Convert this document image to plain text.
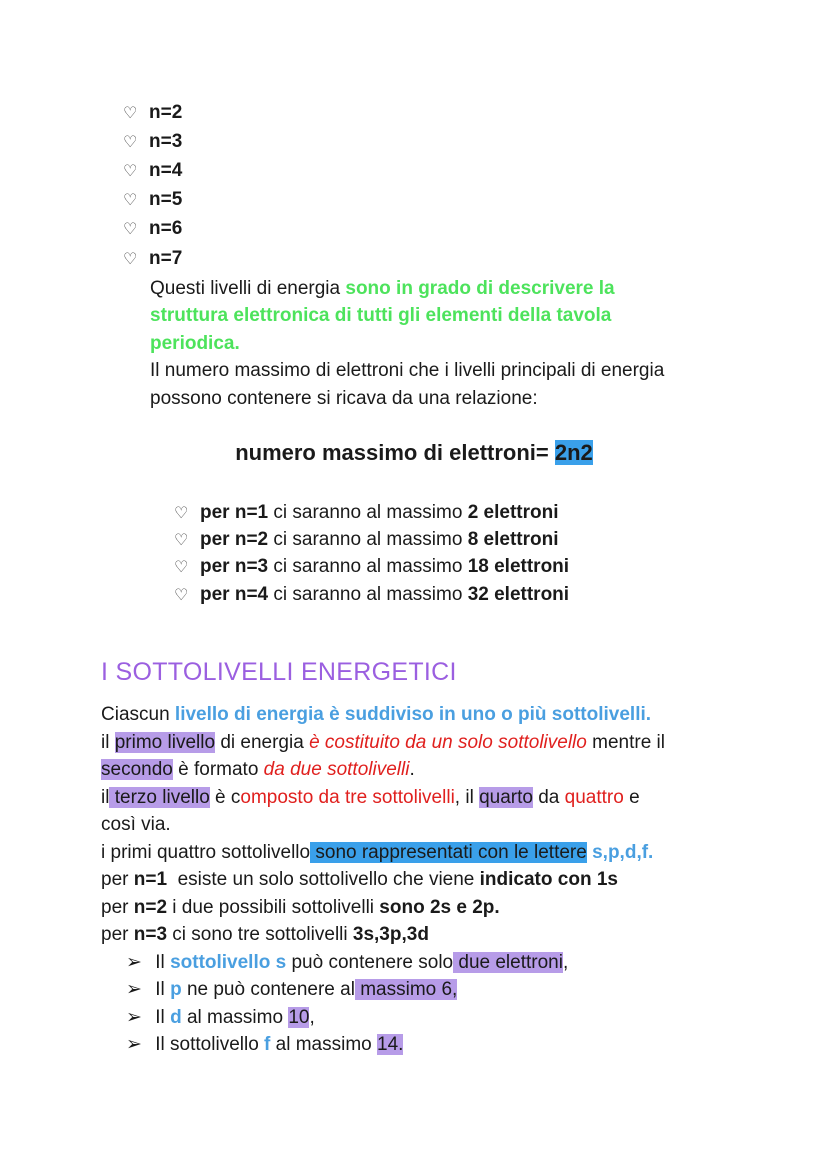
♡ n=2
♡ n=3
♡ n=4
♡ n=5
♡ n=6
♡ n=7
Questi livelli di energia sono in grado di descrivere la
struttura elettronica di tutti gli elementi della tavola
periodica.
Il numero massimo di elettroni che i livelli principali di energia
possono contenere si ricava da una relazione:
numero massimo di elettroni= 2n2
♡ per n=1 ci saranno al massimo 2 elettroni
♡ per n=2 ci saranno al massimo 8 elettroni
♡ per n=3 ci saranno al massimo 18 elettroni
♡ per n=4 ci saranno al massimo 32 elettroni
I SOTTOLIVELLI ENERGETICI
Ciascun livello di energia è suddiviso in uno o più sottolivelli.
il primo livello di energia è costituito da un solo sottolivello mentre il
secondo è formato da due sottolivelli.
il terzo livello è composto da tre sottolivelli, il quarto da quattro e
così via.
i primi quattro sottolivello sono rappresentati con le lettere s,p,d,f.
per n=1  esiste un solo sottolivello che viene indicato con 1s
per n=2 i due possibili sottolivelli sono 2s e 2p.
per n=3 ci sono tre sottolivelli 3s,3p,3d
➢ Il sottolivello s può contenere solo due elettroni,
➢ Il p ne può contenere al massimo 6,
➢ Il d al massimo 10,
➢ Il sottolivello f al massimo 14.
